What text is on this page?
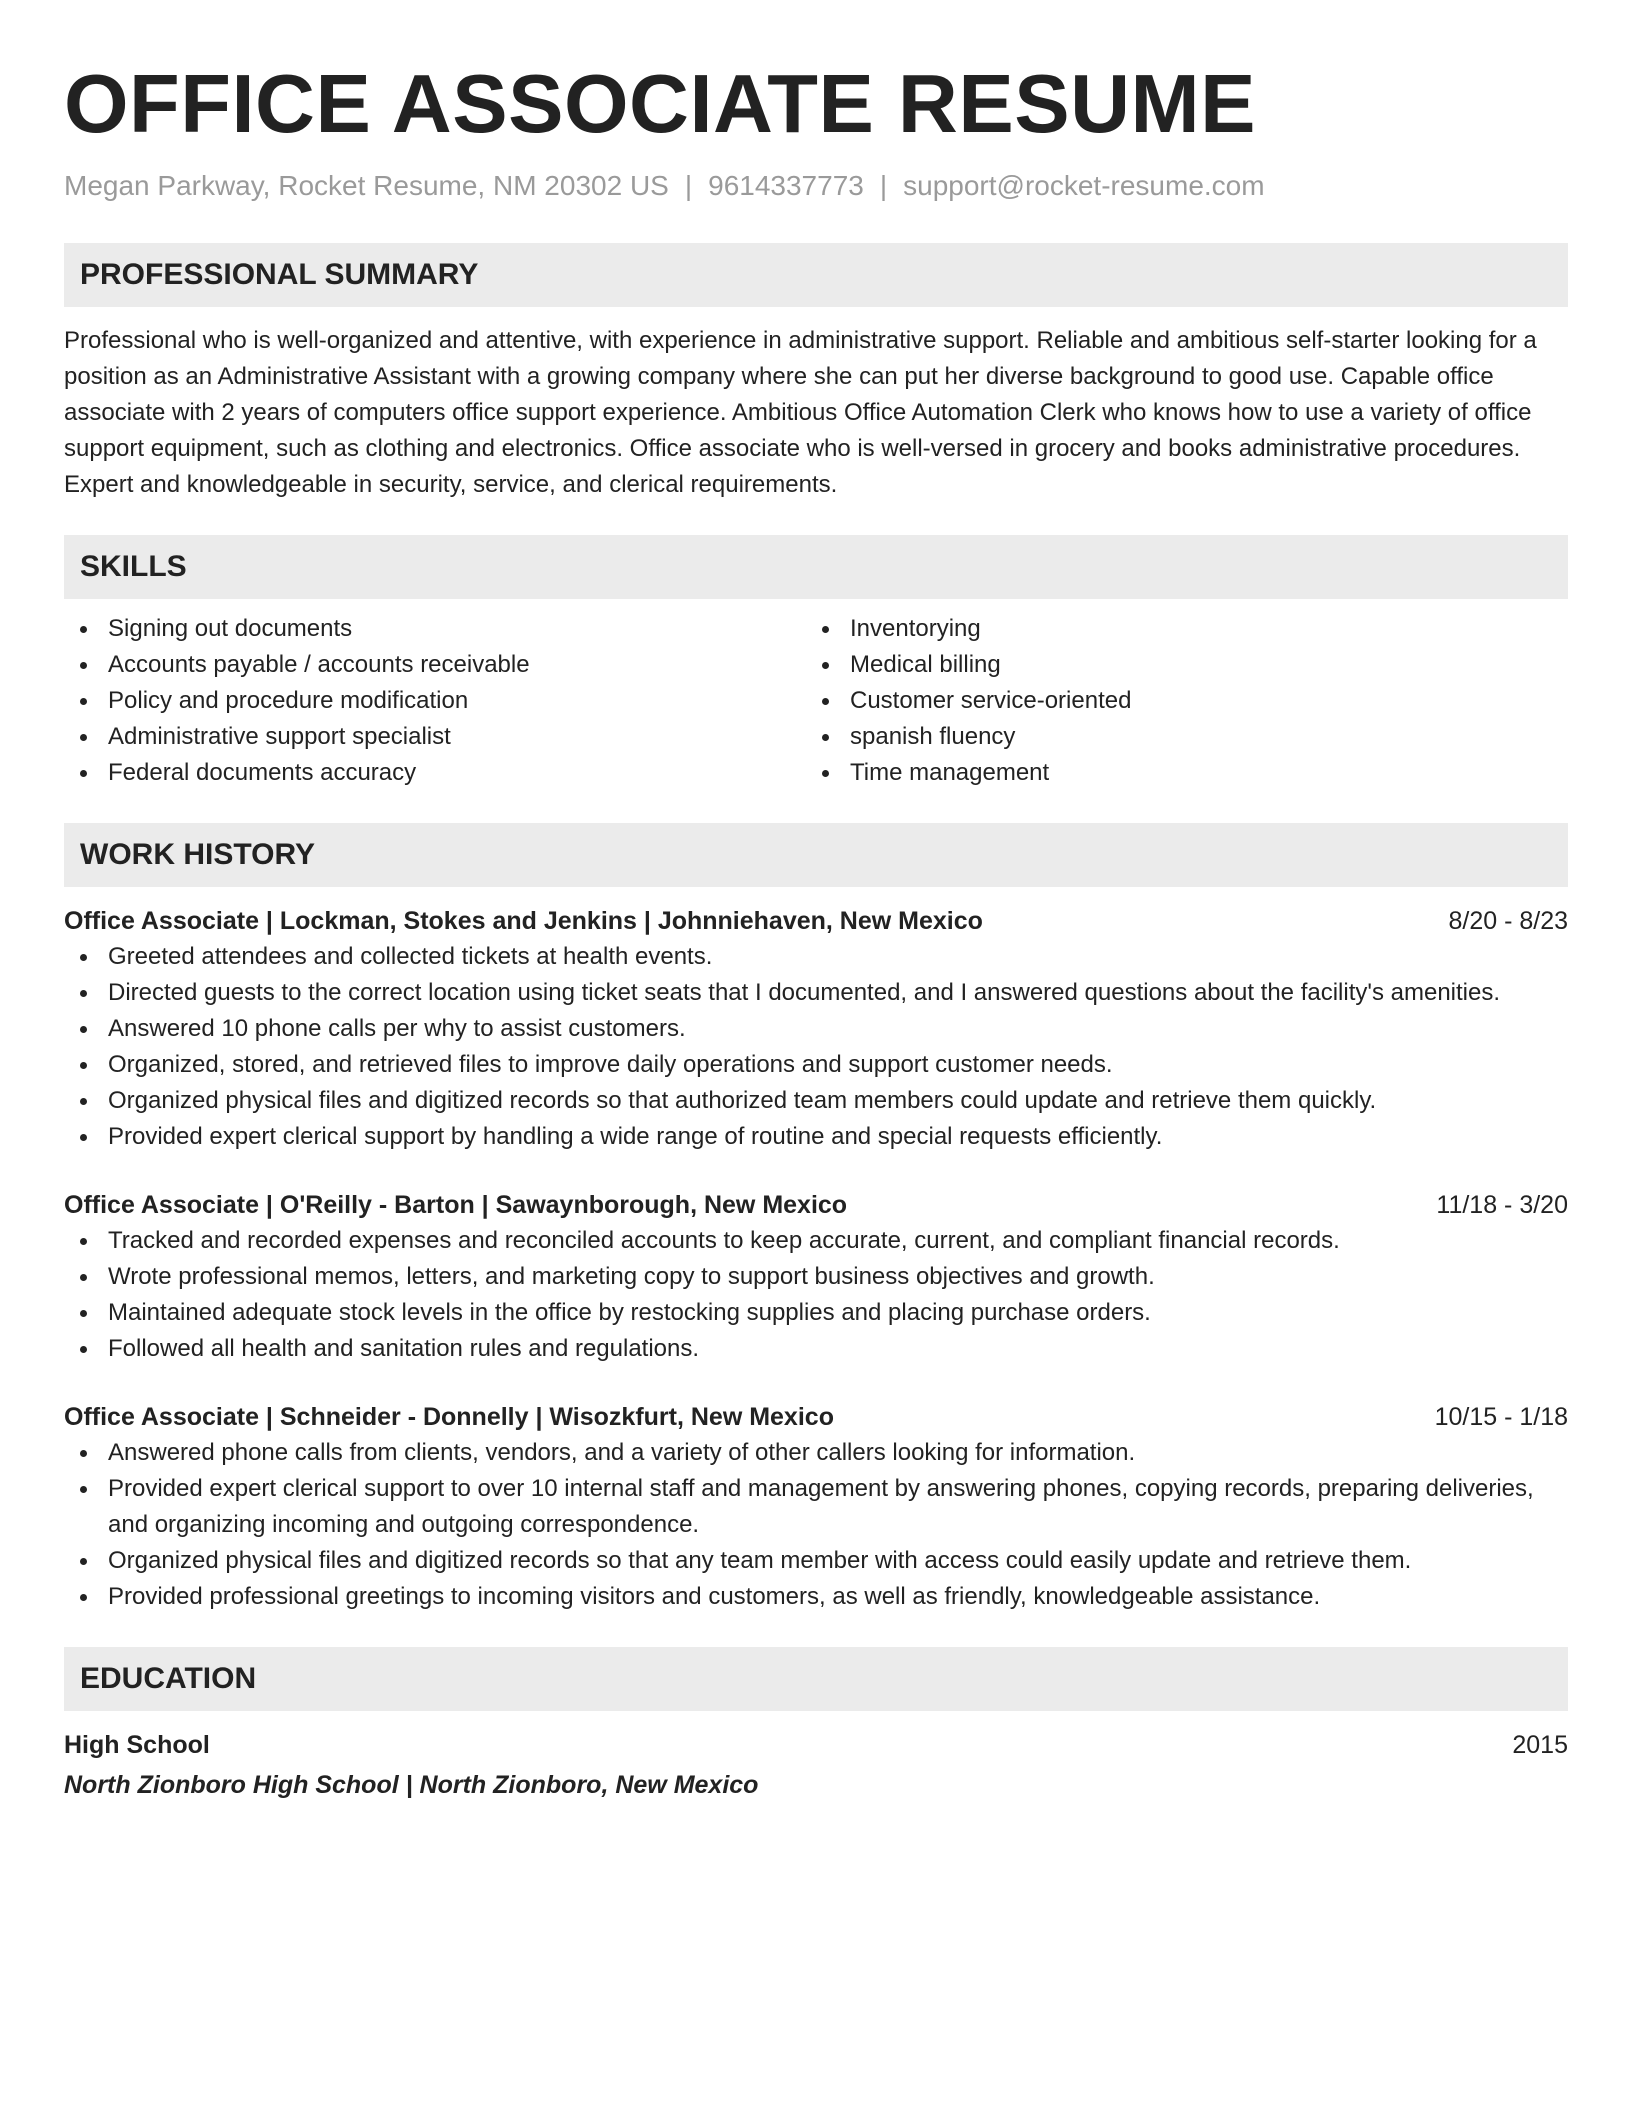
OFFICE ASSOCIATE RESUME
Megan Parkway, Rocket Resume, NM 20302 US | 9614337773 | support@rocket-resume.com
PROFESSIONAL SUMMARY

Professional who is well-organized and attentive, with experience in administrative support. Reliable and ambitious self-starter looking for a position as an Administrative Assistant with a growing company where she can put her diverse background to good use. Capable office associate with 2 years of computers office support experience. Ambitious Office Automation Clerk who knows how to use a variety of office support equipment, such as clothing and electronics. Office associate who is well-versed in grocery and books administrative procedures. Expert and knowledgeable in security, service, and clerical requirements.

SKILLS
Signing out documents
Accounts payable / accounts receivable
Policy and procedure modification
Administrative support specialist
Federal documents accuracy
Inventorying
Medical billing
Customer service-oriented
spanish fluency
Time management
WORK HISTORY
Office Associate | Lockman, Stokes and Jenkins | Johnniehaven, New Mexico	8/20 - 8/23
Greeted attendees and collected tickets at health events.
Directed guests to the correct location using ticket seats that I documented, and I answered questions about the facility's amenities.
Answered 10 phone calls per why to assist customers.
Organized, stored, and retrieved files to improve daily operations and support customer needs.
Organized physical files and digitized records so that authorized team members could update and retrieve them quickly.
Provided expert clerical support by handling a wide range of routine and special requests efficiently.
Office Associate | O'Reilly - Barton | Sawaynborough, New Mexico	11/18 - 3/20
Tracked and recorded expenses and reconciled accounts to keep accurate, current, and compliant financial records.
Wrote professional memos, letters, and marketing copy to support business objectives and growth.
Maintained adequate stock levels in the office by restocking supplies and placing purchase orders.
Followed all health and sanitation rules and regulations.
Office Associate | Schneider - Donnelly | Wisozkfurt, New Mexico	10/15 - 1/18
Answered phone calls from clients, vendors, and a variety of other callers looking for information.
Provided expert clerical support to over 10 internal staff and management by answering phones, copying records, preparing deliveries, and organizing incoming and outgoing correspondence.
Organized physical files and digitized records so that any team member with access could easily update and retrieve them.
Provided professional greetings to incoming visitors and customers, as well as friendly, knowledgeable assistance.
EDUCATION
High School	2015
North Zionboro High School | North Zionboro, New Mexico
